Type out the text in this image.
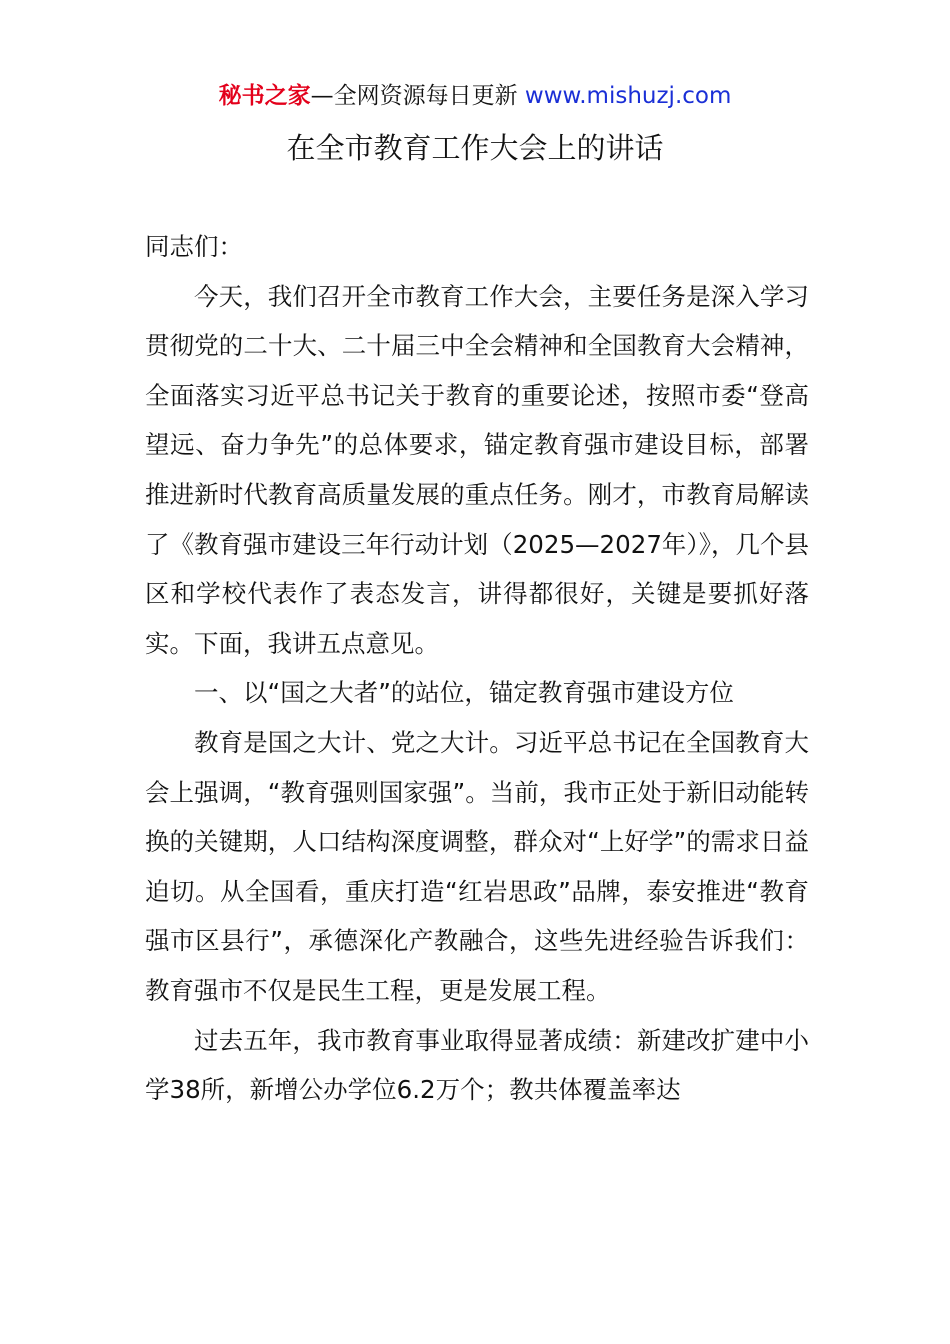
秘书之家—全网资源每日更新 www.mishuzj.com
在全市教育工作大会上的讲话

同志们：

今天，我们召开全市教育工作大会，主要任务是深入学习贯彻党的二十大、二十届三中全会精神和全国教育大会精神，全面落实习近平总书记关于教育的重要论述，按照市委“登高望远、奋力争先”的总体要求，锚定教育强市建设目标，部署推进新时代教育高质量发展的重点任务。刚才，市教育局解读了《教育强市建设三年行动计划（2025—2027年）》，几个县区和学校代表作了表态发言，讲得都很好，关键是要抓好落实。下面，我讲五点意见。

一、以“国之大者”的站位，锚定教育强市建设方位

教育是国之大计、党之大计。习近平总书记在全国教育大会上强调，“教育强则国家强”。当前，我市正处于新旧动能转换的关键期，人口结构深度调整，群众对“上好学”的需求日益迫切。从全国看，重庆打造“红岩思政”品牌，泰安推进“教育强市区县行”，承德深化产教融合，这些先进经验告诉我们：教育强市不仅是民生工程，更是发展工程。

过去五年，我市教育事业取得显著成绩：新建改扩建中小学38所，新增公办学位6.2万个；教共体覆盖率达
